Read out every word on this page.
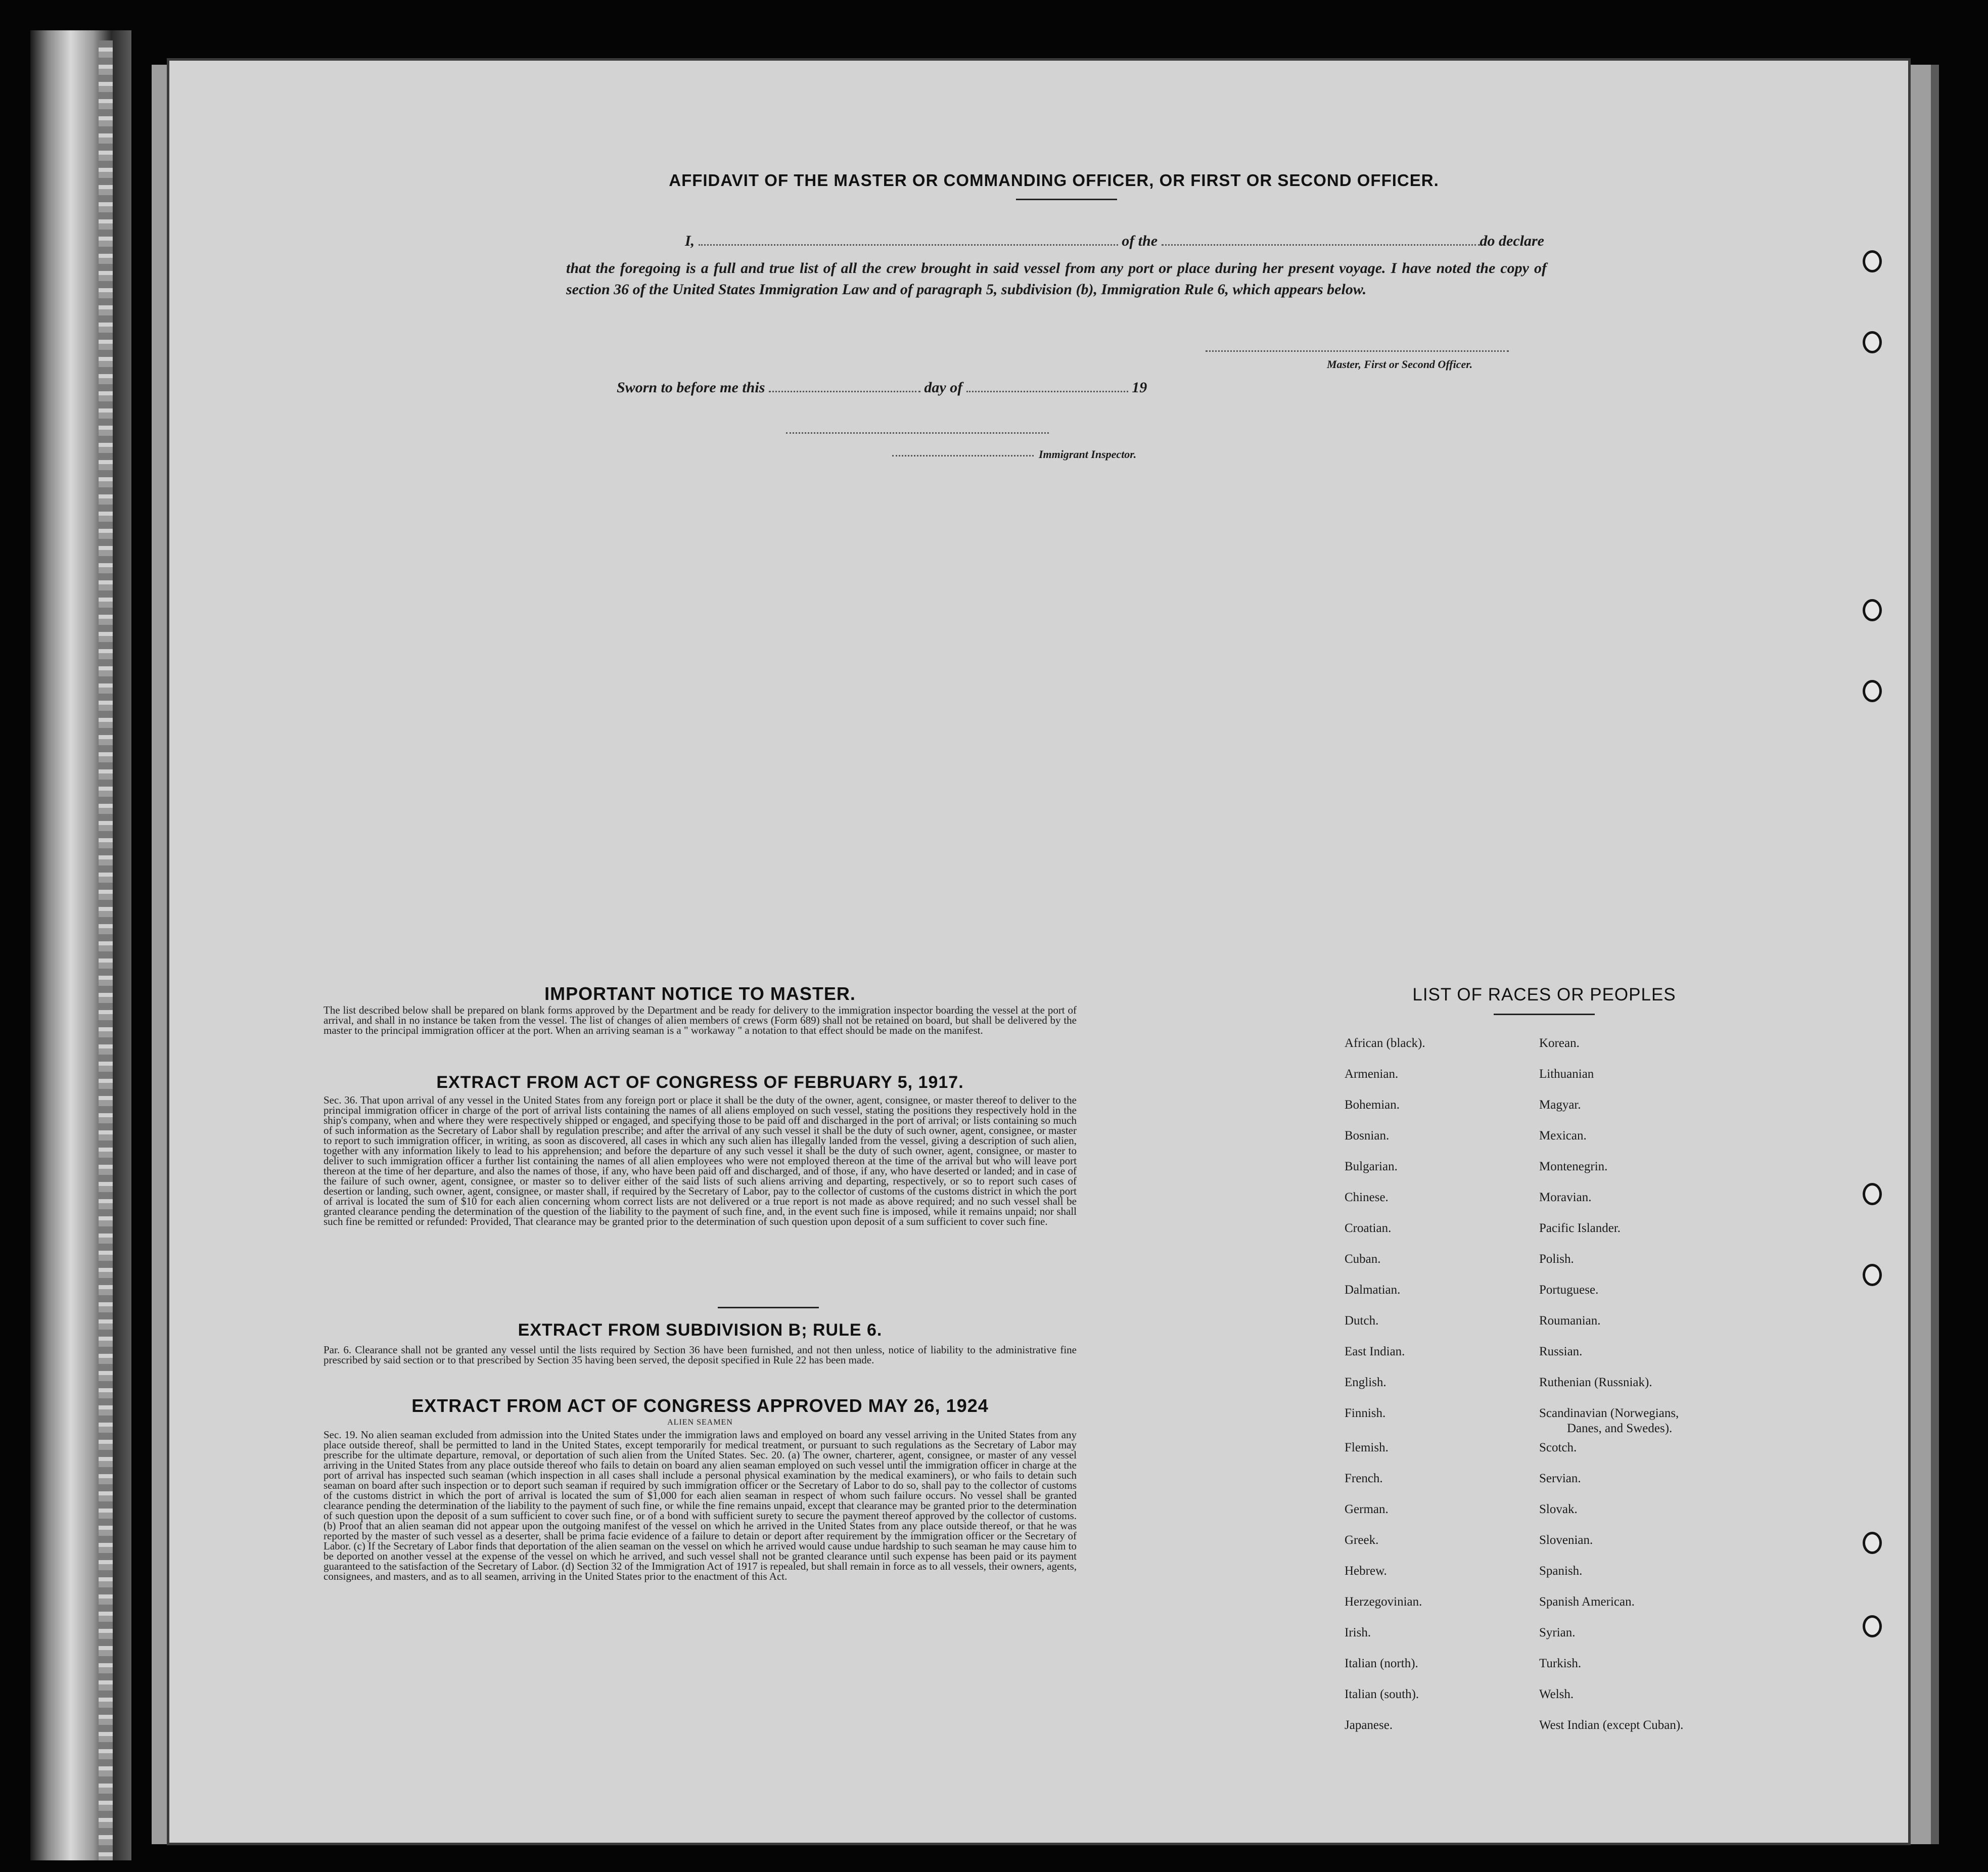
AFFIDAVIT OF THE MASTER OR COMMANDING OFFICER, OR FIRST OR SECOND OFFICER.
I,	of the	do declare
that the foregoing is a full and true list of all the crew brought in said vessel from any port or place during her present voyage. I have noted the copy of section 36 of the United States Immigration Law and of paragraph 5, subdivision (b), Immigration Rule 6, which appears below.
Master, First or Second Officer.
Sworn to before me this	day of	19
Immigrant Inspector.
IMPORTANT NOTICE TO MASTER.
The list described below shall be prepared on blank forms approved by the Department and be ready for delivery to the immigration inspector boarding the vessel at the port of arrival, and shall in no instance be taken from the vessel. The list of changes of alien members of crews (Form 689) shall not be retained on board, but shall be delivered by the master to the principal immigration officer at the port. When an arriving seaman is a " workaway " a notation to that effect should be made on the manifest.
EXTRACT FROM ACT OF CONGRESS OF FEBRUARY 5, 1917.
Sec. 36. That upon arrival of any vessel in the United States from any foreign port or place it shall be the duty of the owner, agent, consignee, or master thereof to deliver to the principal immigration officer in charge of the port of arrival lists containing the names of all aliens employed on such vessel, stating the positions they respectively hold in the ship's company, when and where they were respectively shipped or engaged, and specifying those to be paid off and discharged in the port of arrival; or lists containing so much of such information as the Secretary of Labor shall by regulation prescribe; and after the arrival of any such vessel it shall be the duty of such owner, agent, consignee, or master to report to such immigration officer, in writing, as soon as discovered, all cases in which any such alien has illegally landed from the vessel, giving a description of such alien, together with any information likely to lead to his apprehension; and before the departure of any such vessel it shall be the duty of such owner, agent, consignee, or master to deliver to such immigration officer a further list containing the names of all alien employees who were not employed thereon at the time of the arrival but who will leave port thereon at the time of her departure, and also the names of those, if any, who have been paid off and discharged, and of those, if any, who have deserted or landed; and in case of the failure of such owner, agent, consignee, or master so to deliver either of the said lists of such aliens arriving and departing, respectively, or so to report such cases of desertion or landing, such owner, agent, consignee, or master shall, if required by the Secretary of Labor, pay to the collector of customs of the customs district in which the port of arrival is located the sum of $10 for each alien concerning whom correct lists are not delivered or a true report is not made as above required; and no such vessel shall be granted clearance pending the determination of the question of the liability to the payment of such fine, and, in the event such fine is imposed, while it remains unpaid; nor shall such fine be remitted or refunded: Provided, That clearance may be granted prior to the determination of such question upon deposit of a sum sufficient to cover such fine.
EXTRACT FROM SUBDIVISION B; RULE 6.
Par. 6. Clearance shall not be granted any vessel until the lists required by Section 36 have been furnished, and not then unless, notice of liability to the administrative fine prescribed by said section or to that prescribed by Section 35 having been served, the deposit specified in Rule 22 has been made.
EXTRACT FROM ACT OF CONGRESS APPROVED MAY 26, 1924
ALIEN SEAMEN
Sec. 19. No alien seaman excluded from admission into the United States under the immigration laws and employed on board any vessel arriving in the United States from any place outside thereof, shall be permitted to land in the United States, except temporarily for medical treatment, or pursuant to such regulations as the Secretary of Labor may prescribe for the ultimate departure, removal, or deportation of such alien from the United States. Sec. 20. (a) The owner, charterer, agent, consignee, or master of any vessel arriving in the United States from any place outside thereof who fails to detain on board any alien seaman employed on such vessel until the immigration officer in charge at the port of arrival has inspected such seaman (which inspection in all cases shall include a personal physical examination by the medical examiners), or who fails to detain such seaman on board after such inspection or to deport such seaman if required by such immigration officer or the Secretary of Labor to do so, shall pay to the collector of customs of the customs district in which the port of arrival is located the sum of $1,000 for each alien seaman in respect of whom such failure occurs. No vessel shall be granted clearance pending the determination of the liability to the payment of such fine, or while the fine remains unpaid, except that clearance may be granted prior to the determination of such question upon the deposit of a sum sufficient to cover such fine, or of a bond with sufficient surety to secure the payment thereof approved by the collector of customs. (b) Proof that an alien seaman did not appear upon the outgoing manifest of the vessel on which he arrived in the United States from any place outside thereof, or that he was reported by the master of such vessel as a deserter, shall be prima facie evidence of a failure to detain or deport after requirement by the immigration officer or the Secretary of Labor. (c) If the Secretary of Labor finds that deportation of the alien seaman on the vessel on which he arrived would cause undue hardship to such seaman he may cause him to be deported on another vessel at the expense of the vessel on which he arrived, and such vessel shall not be granted clearance until such expense has been paid or its payment guaranteed to the satisfaction of the Secretary of Labor. (d) Section 32 of the Immigration Act of 1917 is repealed, but shall remain in force as to all vessels, their owners, agents, consignees, and masters, and as to all seamen, arriving in the United States prior to the enactment of this Act.
LIST OF RACES OR PEOPLES
African (black).
Armenian.
Bohemian.
Bosnian.
Bulgarian.
Chinese.
Croatian.
Cuban.
Dalmatian.
Dutch.
East Indian.
English.
Finnish.
Flemish.
French.
German.
Greek.
Hebrew.
Herzegovinian.
Irish.
Italian (north).
Italian (south).
Japanese.
Korean.
Lithuanian
Magyar.
Mexican.
Montenegrin.
Moravian.
Pacific Islander.
Polish.
Portuguese.
Roumanian.
Russian.
Ruthenian (Russniak).
Scandinavian (Norwegians,
Danes, and Swedes).
Scotch.
Servian.
Slovak.
Slovenian.
Spanish.
Spanish American.
Syrian.
Turkish.
Welsh.
West Indian (except Cuban).
